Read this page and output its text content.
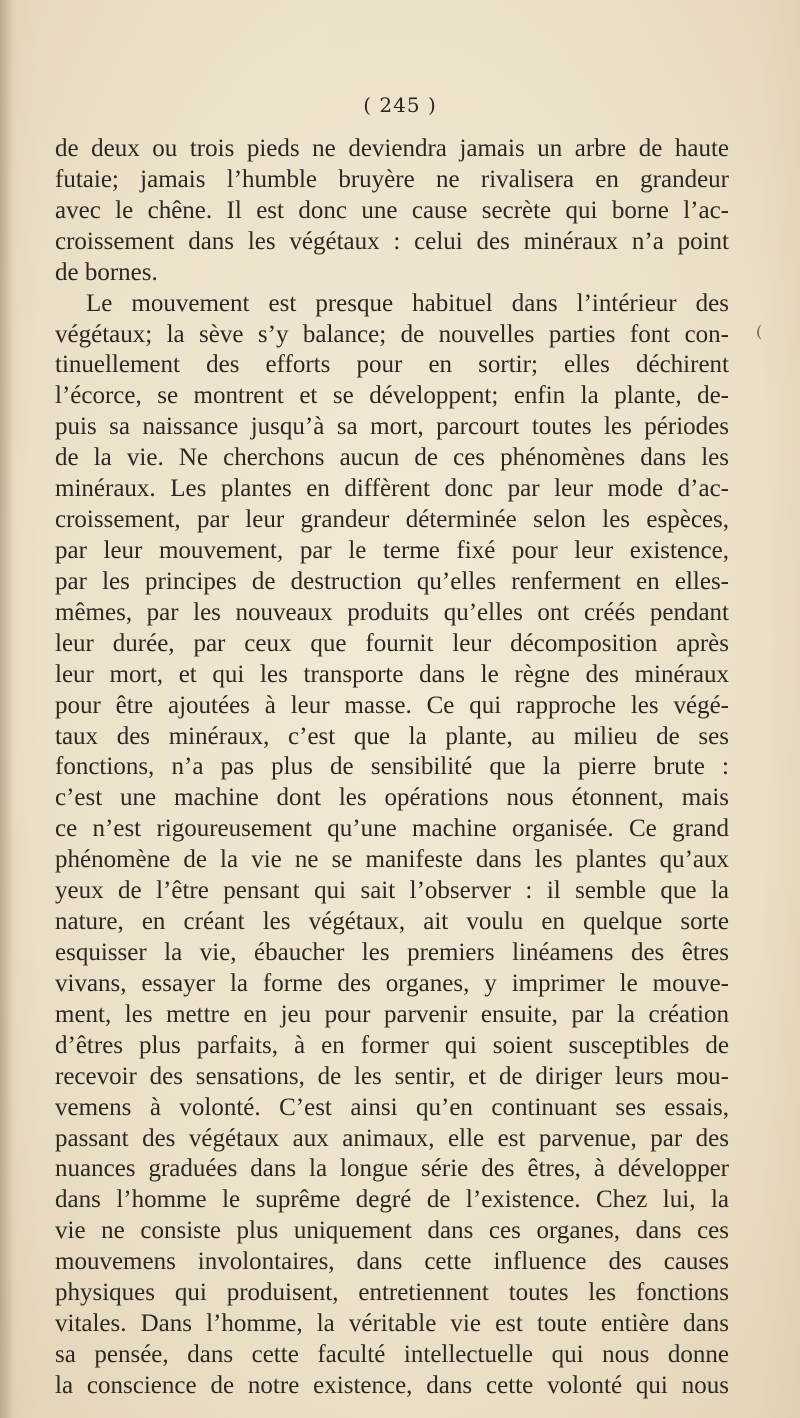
( 245 )
de deux ou trois pieds ne deviendra jamais un arbre de haute
futaie; jamais l’humble bruyère ne rivalisera en grandeur
avec le chêne. Il est donc une cause secrète qui borne l’ac-
croissement dans les végétaux : celui des minéraux n’a point
de bornes.
Le mouvement est presque habituel dans l’intérieur des
végétaux; la sève s’y balance; de nouvelles parties font con-
tinuellement des efforts pour en sortir; elles déchirent
l’écorce, se montrent et se développent; enfin la plante, de-
puis sa naissance jusqu’à sa mort, parcourt toutes les périodes
de la vie. Ne cherchons aucun de ces phénomènes dans les
minéraux. Les plantes en diffèrent donc par leur mode d’ac-
croissement, par leur grandeur déterminée selon les espèces,
par leur mouvement, par le terme fixé pour leur existence,
par les principes de destruction qu’elles renferment en elles-
mêmes, par les nouveaux produits qu’elles ont créés pendant
leur durée, par ceux que fournit leur décomposition après
leur mort, et qui les transporte dans le règne des minéraux
pour être ajoutées à leur masse. Ce qui rapproche les végé-
taux des minéraux, c’est que la plante, au milieu de ses
fonctions, n’a pas plus de sensibilité que la pierre brute :
c’est une machine dont les opérations nous étonnent, mais
ce n’est rigoureusement qu’une machine organisée. Ce grand
phénomène de la vie ne se manifeste dans les plantes qu’aux
yeux de l’être pensant qui sait l’observer : il semble que la
nature, en créant les végétaux, ait voulu en quelque sorte
esquisser la vie, ébaucher les premiers linéamens des êtres
vivans, essayer la forme des organes, y imprimer le mouve-
ment, les mettre en jeu pour parvenir ensuite, par la création
d’êtres plus parfaits, à en former qui soient susceptibles de
recevoir des sensations, de les sentir, et de diriger leurs mou-
vemens à volonté. C’est ainsi qu’en continuant ses essais,
passant des végétaux aux animaux, elle est parvenue, par des
nuances graduées dans la longue série des êtres, à développer
dans l’homme le suprême degré de l’existence. Chez lui, la
vie ne consiste plus uniquement dans ces organes, dans ces
mouvemens involontaires, dans cette influence des causes
physiques qui produisent, entretiennent toutes les fonctions
vitales. Dans l’homme, la véritable vie est toute entière dans
sa pensée, dans cette faculté intellectuelle qui nous donne
la conscience de notre existence, dans cette volonté qui nous
(
